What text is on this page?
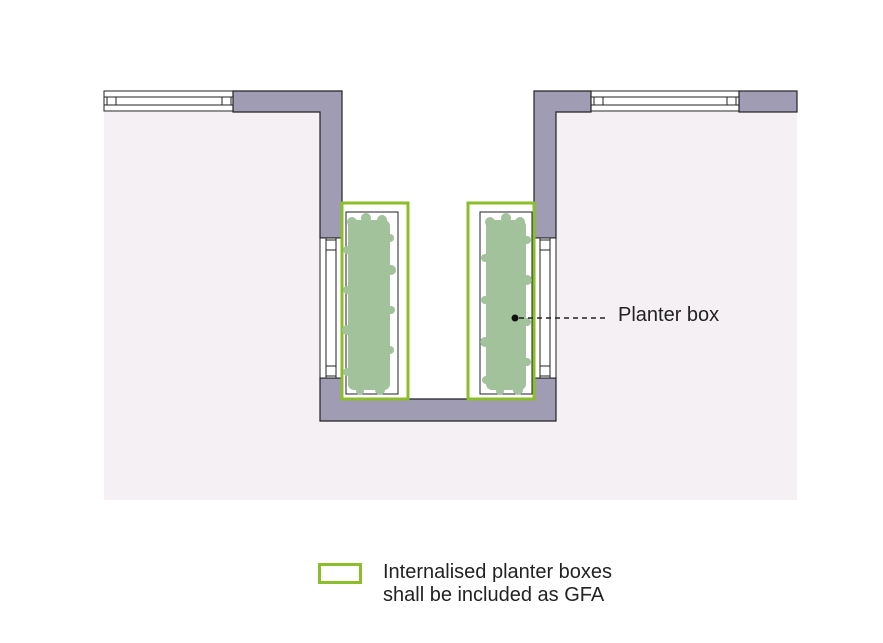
Planter box
Internalised planter boxes
shall be included as GFA
